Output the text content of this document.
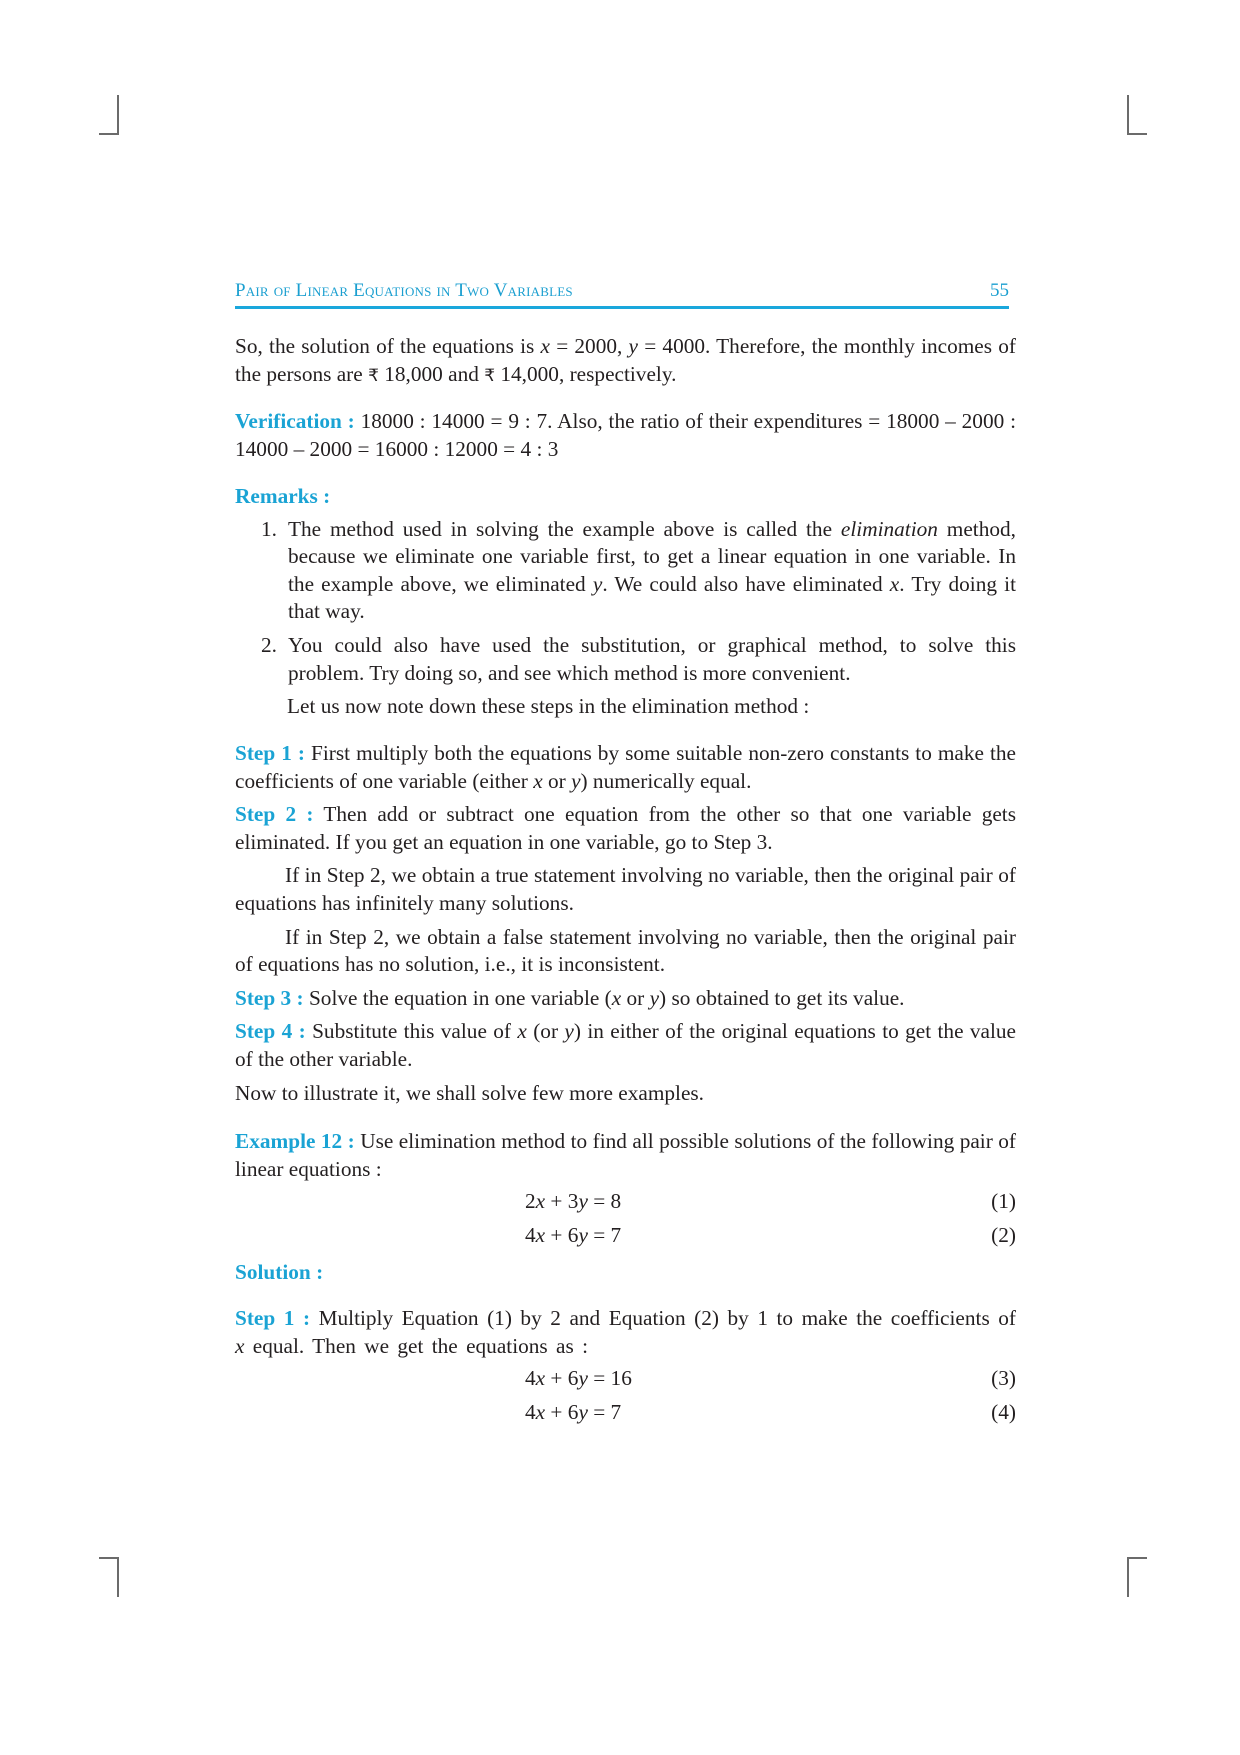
Pair of Linear Equations in Two Variables	55

So, the solution of the equations is x = 2000, y = 4000. Therefore, the monthly incomes of the persons are ₹ 18,000 and ₹ 14,000, respectively.

Verification : 18000 : 14000 = 9 : 7. Also, the ratio of their expenditures = 18000 – 2000 : 14000 – 2000 = 16000 : 12000 = 4 : 3

Remarks :

1. The method used in solving the example above is called the elimination method, because we eliminate one variable first, to get a linear equation in one variable. In the example above, we eliminated y. We could also have eliminated x. Try doing it that way.
2. You could also have used the substitution, or graphical method, to solve this problem. Try doing so, and see which method is more convenient.

Let us now note down these steps in the elimination method :

Step 1 : First multiply both the equations by some suitable non-zero constants to make the coefficients of one variable (either x or y) numerically equal.

Step 2 : Then add or subtract one equation from the other so that one variable gets eliminated. If you get an equation in one variable, go to Step 3.

If in Step 2, we obtain a true statement involving no variable, then the original pair of equations has infinitely many solutions.

If in Step 2, we obtain a false statement involving no variable, then the original pair of equations has no solution, i.e., it is inconsistent.

Step 3 : Solve the equation in one variable (x or y) so obtained to get its value.

Step 4 : Substitute this value of x (or y) in either of the original equations to get the value of the other variable.

Now to illustrate it, we shall solve few more examples.

Example 12 : Use elimination method to find all possible solutions of the following pair of linear equations :

2x + 3y = 8	(1)
4x + 6y = 7	(2)

Solution :

Step 1 : Multiply Equation (1) by 2 and Equation (2) by 1 to make the coefficients of x equal. Then we get the equations as :

4x + 6y = 16	(3)
4x + 6y = 7	(4)
